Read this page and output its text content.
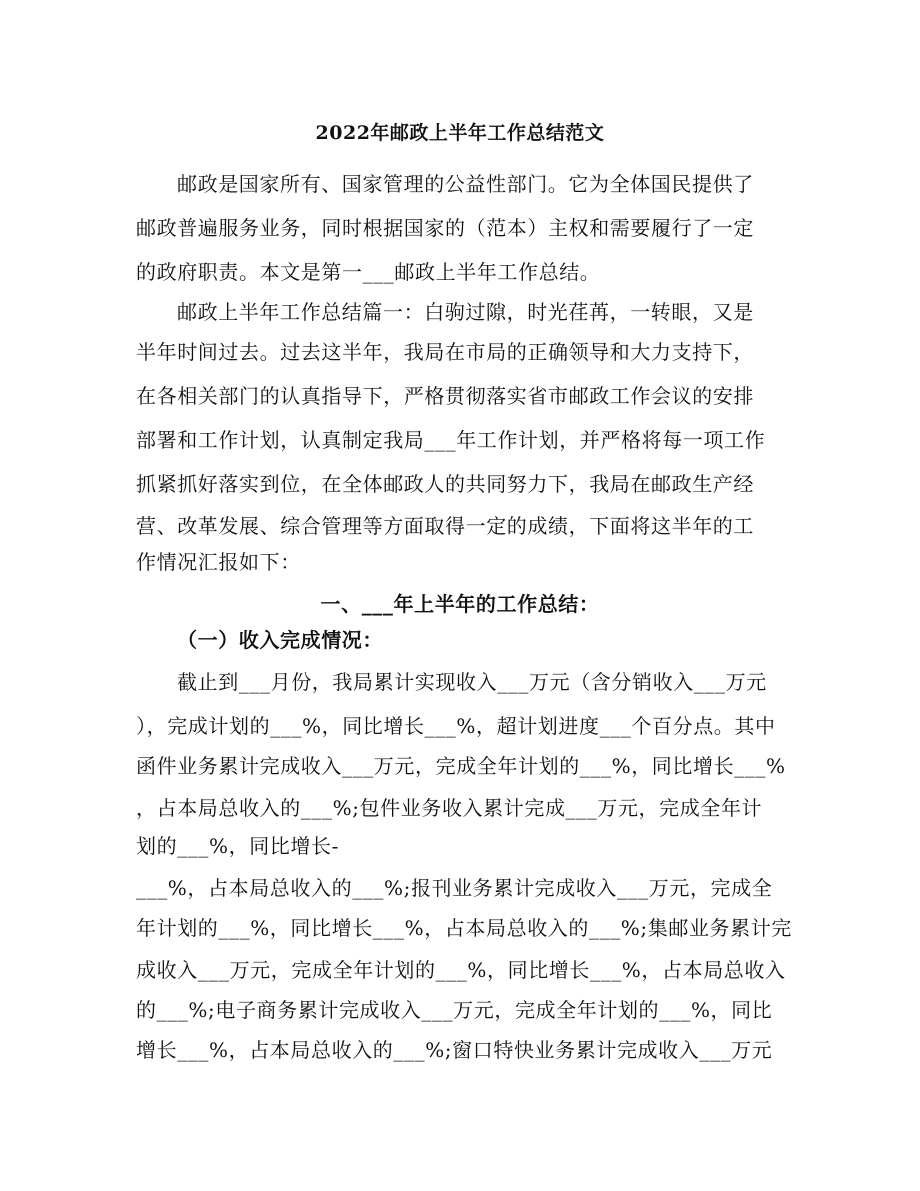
2022年邮政上半年工作总结范文
邮政是国家所有、国家管理的公益性部门。它为全体国民提供了
邮政普遍服务业务，同时根据国家的（范本）主权和需要履行了一定
的政府职责。本文是第一___邮政上半年工作总结。
邮政上半年工作总结篇一：白驹过隙，时光荏苒，一转眼，又是
半年时间过去。过去这半年，我局在市局的正确领导和大力支持下，
在各相关部门的认真指导下，严格贯彻落实省市邮政工作会议的安排
部署和工作计划，认真制定我局___年工作计划，并严格将每一项工作
抓紧抓好落实到位，在全体邮政人的共同努力下，我局在邮政生产经
营、改革发展、综合管理等方面取得一定的成绩，下面将这半年的工
作情况汇报如下：
一、___年上半年的工作总结：
（一）收入完成情况：
截止到___月份，我局累计实现收入___万元（含分销收入___万元
），完成计划的___%，同比增长___%，超计划进度___个百分点。其中
函件业务累计完成收入___万元，完成全年计划的___%，同比增长___%
，占本局总收入的___%;包件业务收入累计完成___万元，完成全年计
划的___%，同比增长-
___%，占本局总收入的___%;报刊业务累计完成收入___万元，完成全
年计划的___%，同比增长___%，占本局总收入的___%;集邮业务累计完
成收入___万元，完成全年计划的___%，同比增长___%，占本局总收入
的___%;电子商务累计完成收入___万元，完成全年计划的___%，同比
增长___%，占本局总收入的___%;窗口特快业务累计完成收入___万元
